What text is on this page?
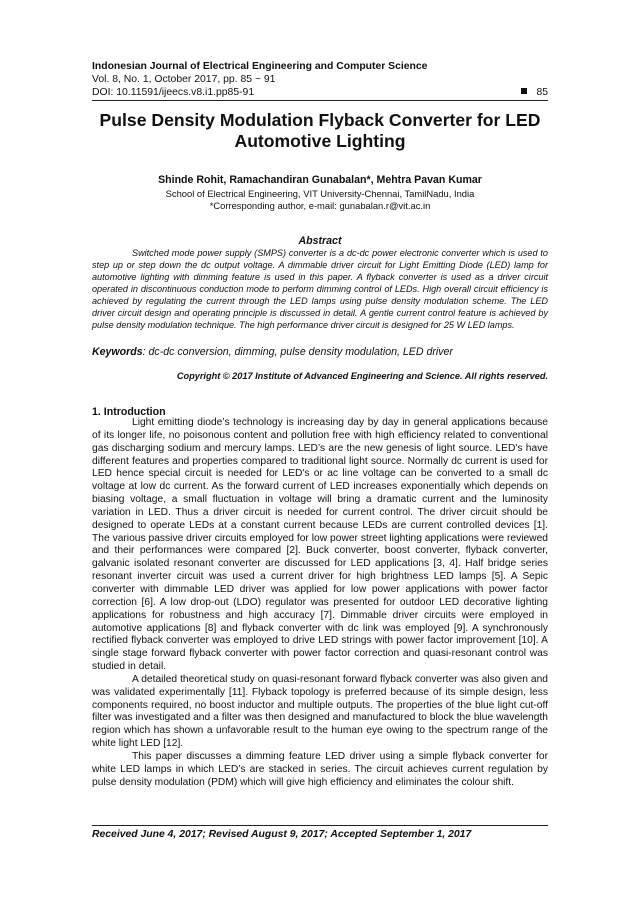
Indonesian Journal of Electrical Engineering and Computer Science
Vol. 8, No. 1, October 2017, pp. 85 ~ 91
DOI: 10.11591/ijeecs.v8.i1.pp85-91	85
Pulse Density Modulation Flyback Converter for LED Automotive Lighting
Shinde Rohit, Ramachandiran Gunabalan*, Mehtra Pavan Kumar
School of Electrical Engineering, VIT University-Chennai, TamilNadu, India
*Corresponding author, e-mail: gunabalan.r@vit.ac.in
Abstract
Switched mode power supply (SMPS) converter is a dc-dc power electronic converter which is used to step up or step down the dc output voltage. A dimmable driver circuit for Light Emitting Diode (LED) lamp for automotive lighting with dimming feature is used in this paper. A flyback converter is used as a driver circuit operated in discontinuous conduction mode to perform dimming control of LEDs. High overall circuit efficiency is achieved by regulating the current through the LED lamps using pulse density modulation scheme. The LED driver circuit design and operating principle is discussed in detail. A gentle current control feature is achieved by pulse density modulation technique. The high performance driver circuit is designed for 25 W LED lamps.
Keywords: dc-dc conversion, dimming, pulse density modulation, LED driver
Copyright © 2017 Institute of Advanced Engineering and Science. All rights reserved.
1. Introduction

Light emitting diode’s technology is increasing day by day in general applications because of its longer life, no poisonous content and pollution free with high efficiency related to conventional gas discharging sodium and mercury lamps. LED’s are the new genesis of light source. LED's have different features and properties compared to traditional light source. Normally dc current is used for LED hence special circuit is needed for LED's or ac line voltage can be converted to a small dc voltage at low dc current. As the forward current of LED increases exponentially which depends on biasing voltage, a small fluctuation in voltage will bring a dramatic current and the luminosity variation in LED. Thus a driver circuit is needed for current control. The driver circuit should be designed to operate LEDs at a constant current because LEDs are current controlled devices [1]. The various passive driver circuits employed for low power street lighting applications were reviewed and their performances were compared [2]. Buck converter, boost converter, flyback converter, galvanic isolated resonant converter are discussed for LED applications [3, 4]. Half bridge series resonant inverter circuit was used a current driver for high brightness LED lamps [5]. A Sepic converter with dimmable LED driver was applied for low power applications with power factor correction [6]. A low drop-out (LDO) regulator was presented for outdoor LED decorative lighting applications for robustness and high accuracy [7]. Dimmable driver circuits were employed in automotive applications [8] and flyback converter with dc link was employed [9]. A synchronously rectified flyback converter was employed to drive LED strings with power factor improvement [10]. A single stage forward flyback converter with power factor correction and quasi-resonant control was studied in detail.

A detailed theoretical study on quasi-resonant forward flyback converter was also given and was validated experimentally [11]. Flyback topology is preferred because of its simple design, less components required, no boost inductor and multiple outputs. The properties of the blue light cut-off filter was investigated and a filter was then designed and manufactured to block the blue wavelength region which has shown a unfavorable result to the human eye owing to the spectrum range of the white light LED [12].

This paper discusses a dimming feature LED driver using a simple flyback converter for white LED lamps in which LED’s are stacked in series. The circuit achieves current regulation by pulse density modulation (PDM) which will give high efficiency and eliminates the colour shift.

Received June 4, 2017; Revised August 9, 2017; Accepted September 1, 2017
